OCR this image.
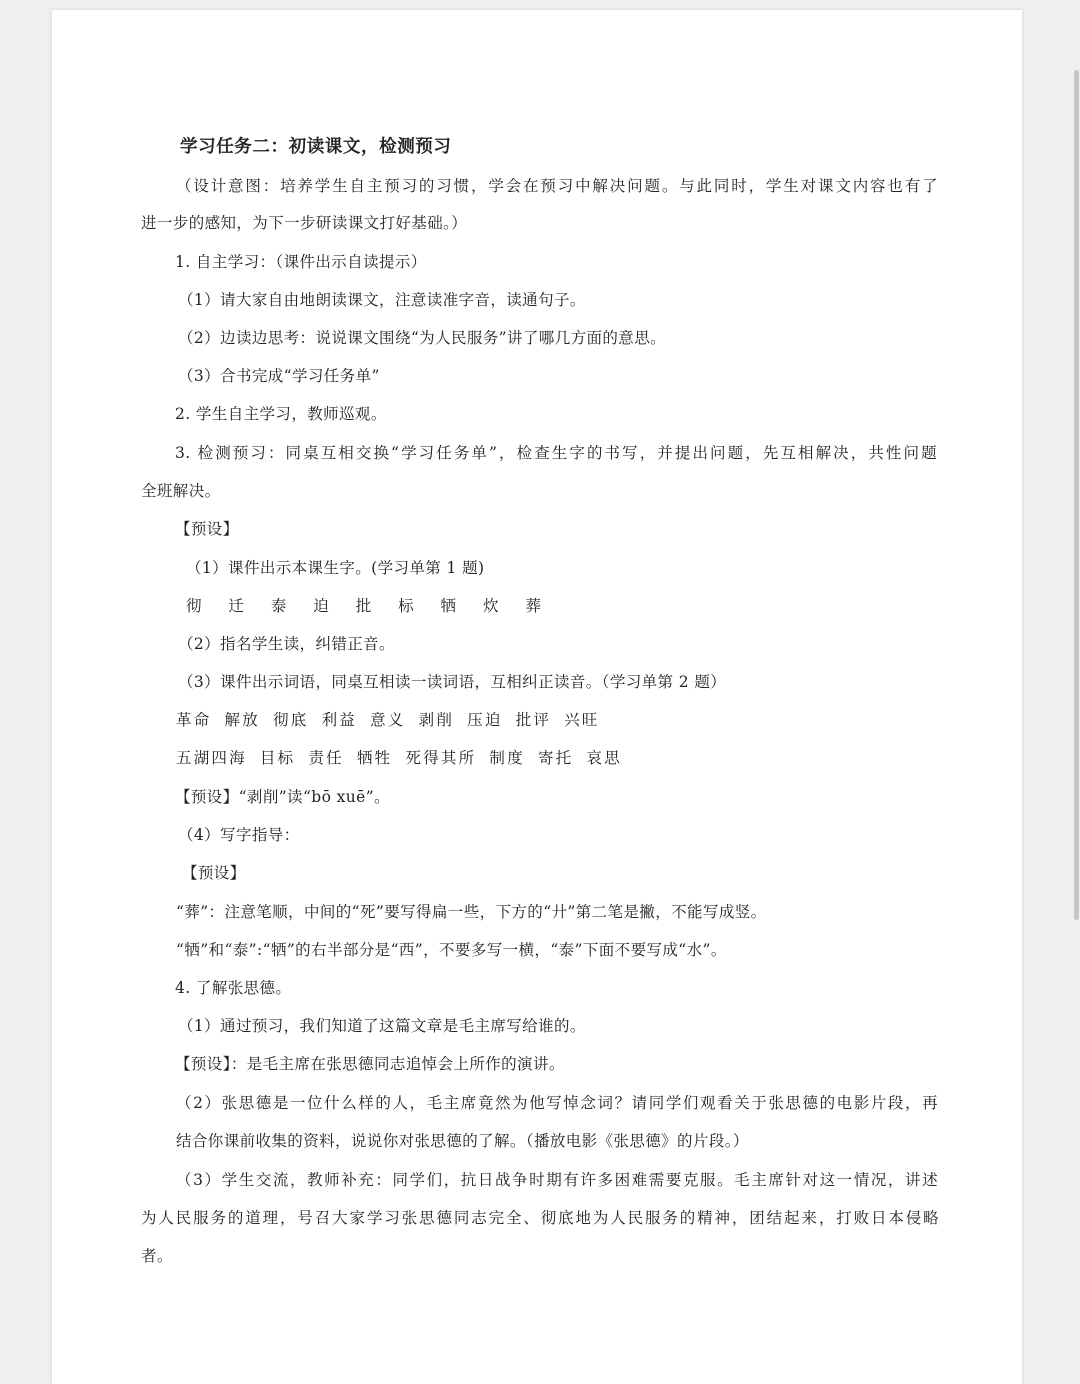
学习任务二：初读课文，检测预习
（设计意图：培养学生自主预习的习惯，学会在预习中解决问题。与此同时，学生对课文内容也有了
进一步的感知，为下一步研读课文打好基础。）
1. 自主学习：（课件出示自读提示）
（1）请大家自由地朗读课文，注意读准字音，读通句子。
（2）边读边思考：说说课文围绕“为人民服务”讲了哪几方面的意思。
（3）合书完成“学习任务单”
2. 学生自主学习，教师巡观。
3. 检测预习：同桌互相交换“学习任务单”，检查生字的书写，并提出问题，先互相解决，共性问题
全班解决。
【预设】
（1）课件出示本课生字。(学习单第 1 题)
彻 迁 泰 迫 批 标 牺 炊 葬
（2）指名学生读，纠错正音。
（3）课件出示词语，同桌互相读一读词语，互相纠正读音。（学习单第 2 题）
革命 解放 彻底 利益 意义 剥削 压迫 批评 兴旺
五湖四海 目标 责任 牺牲 死得其所 制度 寄托 哀思
【预设】“剥削”读“bō xuē”。
（4）写字指导：
【预设】
“葬”：注意笔顺，中间的“死”要写得扁一些，下方的“廾”第二笔是撇，不能写成竖。
“牺”和“泰”:“牺”的右半部分是“西”，不要多写一横，“泰”下面不要写成“水”。
4. 了解张思德。
（1）通过预习，我们知道了这篇文章是毛主席写给谁的。
【预设】：是毛主席在张思德同志追悼会上所作的演讲。
（2）张思德是一位什么样的人，毛主席竟然为他写悼念词？请同学们观看关于张思德的电影片段，再
结合你课前收集的资料，说说你对张思德的了解。（播放电影《张思德》的片段。）
（3）学生交流，教师补充：同学们，抗日战争时期有许多困难需要克服。毛主席针对这一情况，讲述
为人民服务的道理，号召大家学习张思德同志完全、彻底地为人民服务的精神，团结起来，打败日本侵略
者。
